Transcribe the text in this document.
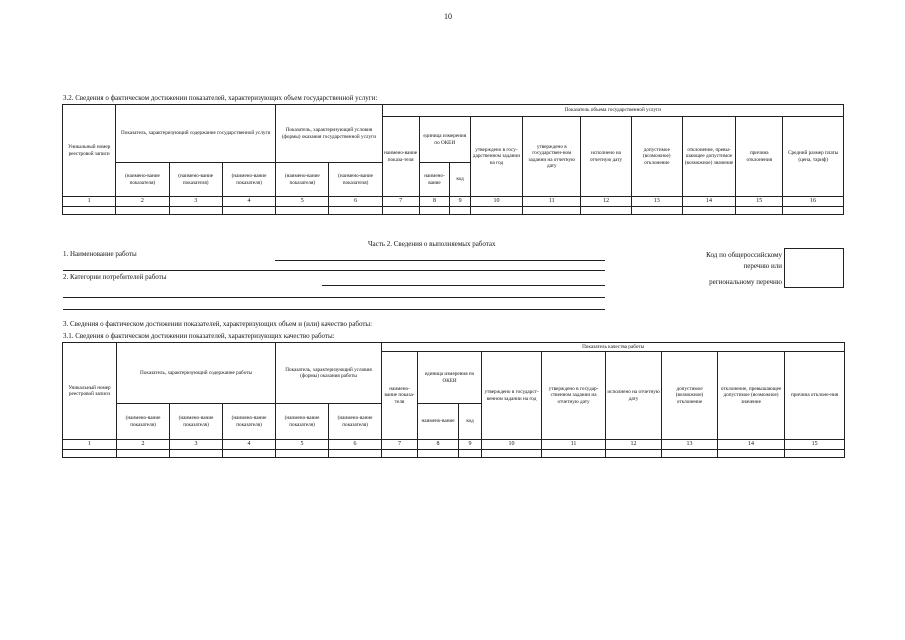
10
3.2. Сведения о фактическом достижении показателей, характеризующих объем государственной услуги:
Уникальный номер реестровой записи	Показатель, характеризующий содержание государственной услуги			Показатель, характеризующий условия (формы) оказания государственной услуги		Показатель объема государственной услуги									
						наимено-вание показа-теля	единица измерения по ОКЕИ		утверждено в госу-дарственном задании на год	утверждено в государствен-ном задании на отчетную дату	исполнено на отчетную дату	допустимое (возможное) отклонение	отклонение, превы-шающее допустимое (возможное) значение	причина отклонения	Средний размер платы (цена, тариф)
	(наимено-вание показателя)	(наимено-вание показателя)	(наимено-вание показателя)	(наимено-вание показателя)	(наимено-вание показателя)		наимено-вание	код							

1	2	3	4	5	6	7	8	9	10	11	12	13	14	15	16

Часть 2. Сведения о выполняемых работах
1. Наименование работы
2. Категории потребителей работы
Код по общероссийскому
перечню или
региональному перечню
3. Сведения о фактическом достижении показателей, характеризующих объем и (или) качество работы:
3.1. Сведения о фактическом достижении показателей, характеризующих качество работы:
Уникальный номер реестровой записи	Показатель, характеризующий содержание работы			Показатель, характеризующий условия (формы) оказания работы		Показатель качества работы								
						наимено-вание показа-теля	единица измерения по ОКЕИ		утверждено в государст-венном задании на год	утверждено в государ-ственном задании на отчетную дату	исполнено на отчетную дату	допустимое (возможное) отклонение	отклонение, превышающее допустимое (возможное) значение	причина отклоне-ния
	(наимено-вание показателя)	(наимено-вание показателя)	(наимено-вание показателя)	(наимено-вание показателя)	(наимено-вание показателя)		наимено-вание	код						

1	2	3	4	5	6	7	8	9	10	11	12	13	14	15
